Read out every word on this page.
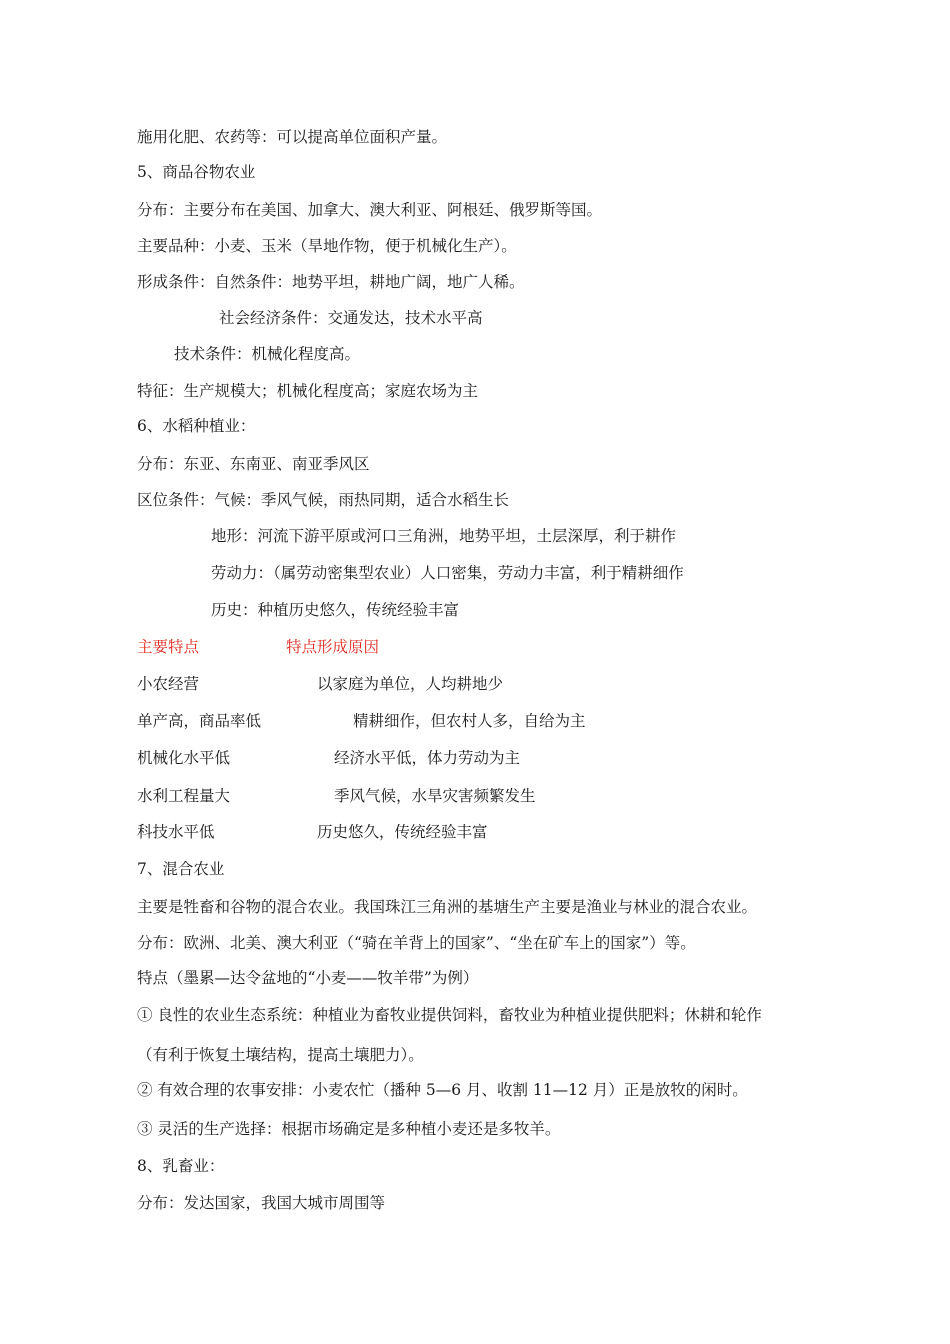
施用化肥、农药等：可以提高单位面积产量。

5、商品谷物农业

分布：主要分布在美国、加拿大、澳大利亚、阿根廷、俄罗斯等国。

主要品种：小麦、玉米（旱地作物，便于机械化生产）。

形成条件：自然条件：地势平坦，耕地广阔，地广人稀。

社会经济条件：交通发达，技术水平高

技术条件：机械化程度高。

特征：生产规模大；机械化程度高；家庭农场为主

6、水稻种植业：

分布：东亚、东南亚、南亚季风区

区位条件：气候：季风气候，雨热同期，适合水稻生长

地形：河流下游平原或河口三角洲，地势平坦，土层深厚，利于耕作

劳动力：（属劳动密集型农业）人口密集，劳动力丰富，利于精耕细作

历史：种植历史悠久，传统经验丰富

主要特点	特点形成原因

小农经营	以家庭为单位，人均耕地少

单产高，商品率低	精耕细作，但农村人多，自给为主

机械化水平低	经济水平低，体力劳动为主

水利工程量大	季风气候，水旱灾害频繁发生

科技水平低	历史悠久，传统经验丰富

7、混合农业

主要是牲畜和谷物的混合农业。我国珠江三角洲的基塘生产主要是渔业与林业的混合农业。

分布：欧洲、北美、澳大利亚（“骑在羊背上的国家”、“坐在矿车上的国家”）等。

特点（墨累—达令盆地的“小麦——牧羊带”为例）

① 良性的农业生态系统：种植业为畜牧业提供饲料，畜牧业为种植业提供肥料；休耕和轮作

（有利于恢复土壤结构，提高土壤肥力）。

② 有效合理的农事安排：小麦农忙（播种 5—6 月、收割 11—12 月）正是放牧的闲时。

③ 灵活的生产选择：根据市场确定是多种植小麦还是多牧羊。

8、乳畜业：

分布：发达国家，我国大城市周围等
